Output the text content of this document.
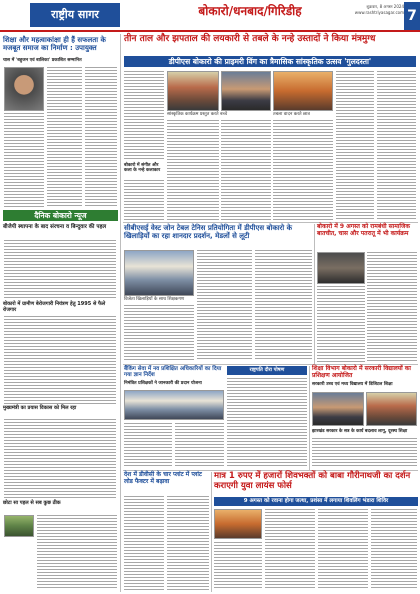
राष्ट्रीय सागर	बोकारो/धनबाद/गिरिडीह	शुक्रवार, 8 अगस्त 2024
www.rashtriyasagar.com 7
शिक्षा और महत्वाकांक्षा ही हैं सफलता के मजबूत समाज का निर्माण : उपायुक्त
चास में 'बहुजन एवं बालिका' प्रकाशित सम्मानित
दैनिक बोकारो न्यूज
बीजेपी स्थापना के बाद संरचना व बिन्दुवार की पहल
बोकारो में ग्रामीण बेरोजगारी नियंत्रण हेतु 1995 से फैले रोजगार
मुख्यमंत्री का प्रयास विकास को मिल रहा
छोटा सा पहल से सब कुछ ठीक
तीन ताल और झपताल की लयकारी से तबले के नन्हे उस्तादों ने किया मंत्रमुग्ध
डीपीएस बोकारो की प्राइमरी विंग का त्रैमासिक सांस्कृतिक उत्सव 'गुलदस्ता'
बोकारो में संगीत और कला के नन्हे कलाकार
सांस्कृतिक कार्यक्रम प्रस्तुत करते बच्चे	तबला वादन करते छात्र
सीबीएसई वेस्ट जोन टेबल टेनिस प्रतियोगिता में डीपीएस बोकारो के खिलाड़ियों का रहा शानदार प्रदर्शन, मेडलों से लूटी
विजेता खिलाड़ियों के साथ शिक्षकगण
बोकारो में 9 अगस्त को रामबंधी सामाजिक बातचीत, चास और पतरातू में भी कार्यक्रम
बैंकिंग सेवा में नव प्रशिक्षित अधिकारियों का दिया गया ज्ञान निर्देश
निमंत्रित प्रशिक्षकों ने जानकारी की प्रदान योजना
राष्ट्रपति दौरा पोषण	शिक्षा विभाग बोकारो में सरकारी विद्यालयों का प्रशिक्षण आयोजित
सरकारी उच्च एवं मध्य विद्यालय में डिजिटल शिक्षा
झारखंड सरकार के सत्र के कार्य बदलाव लागू, दूरस्थ शिक्षा
देश में डीवीसी के चार प्लांट में प्लांट लोड फैक्टर में बढ़ावा
मात्र 1 रुपए में हजारों शिवभक्तों को बाबा गौरीनाथजी का दर्शन कराएगी युवा लायंस फोर्स
9 अगस्त को रवाना होगा जत्था, प्रशंसा में लगाया शिवलिंग भंडारा शिविर
